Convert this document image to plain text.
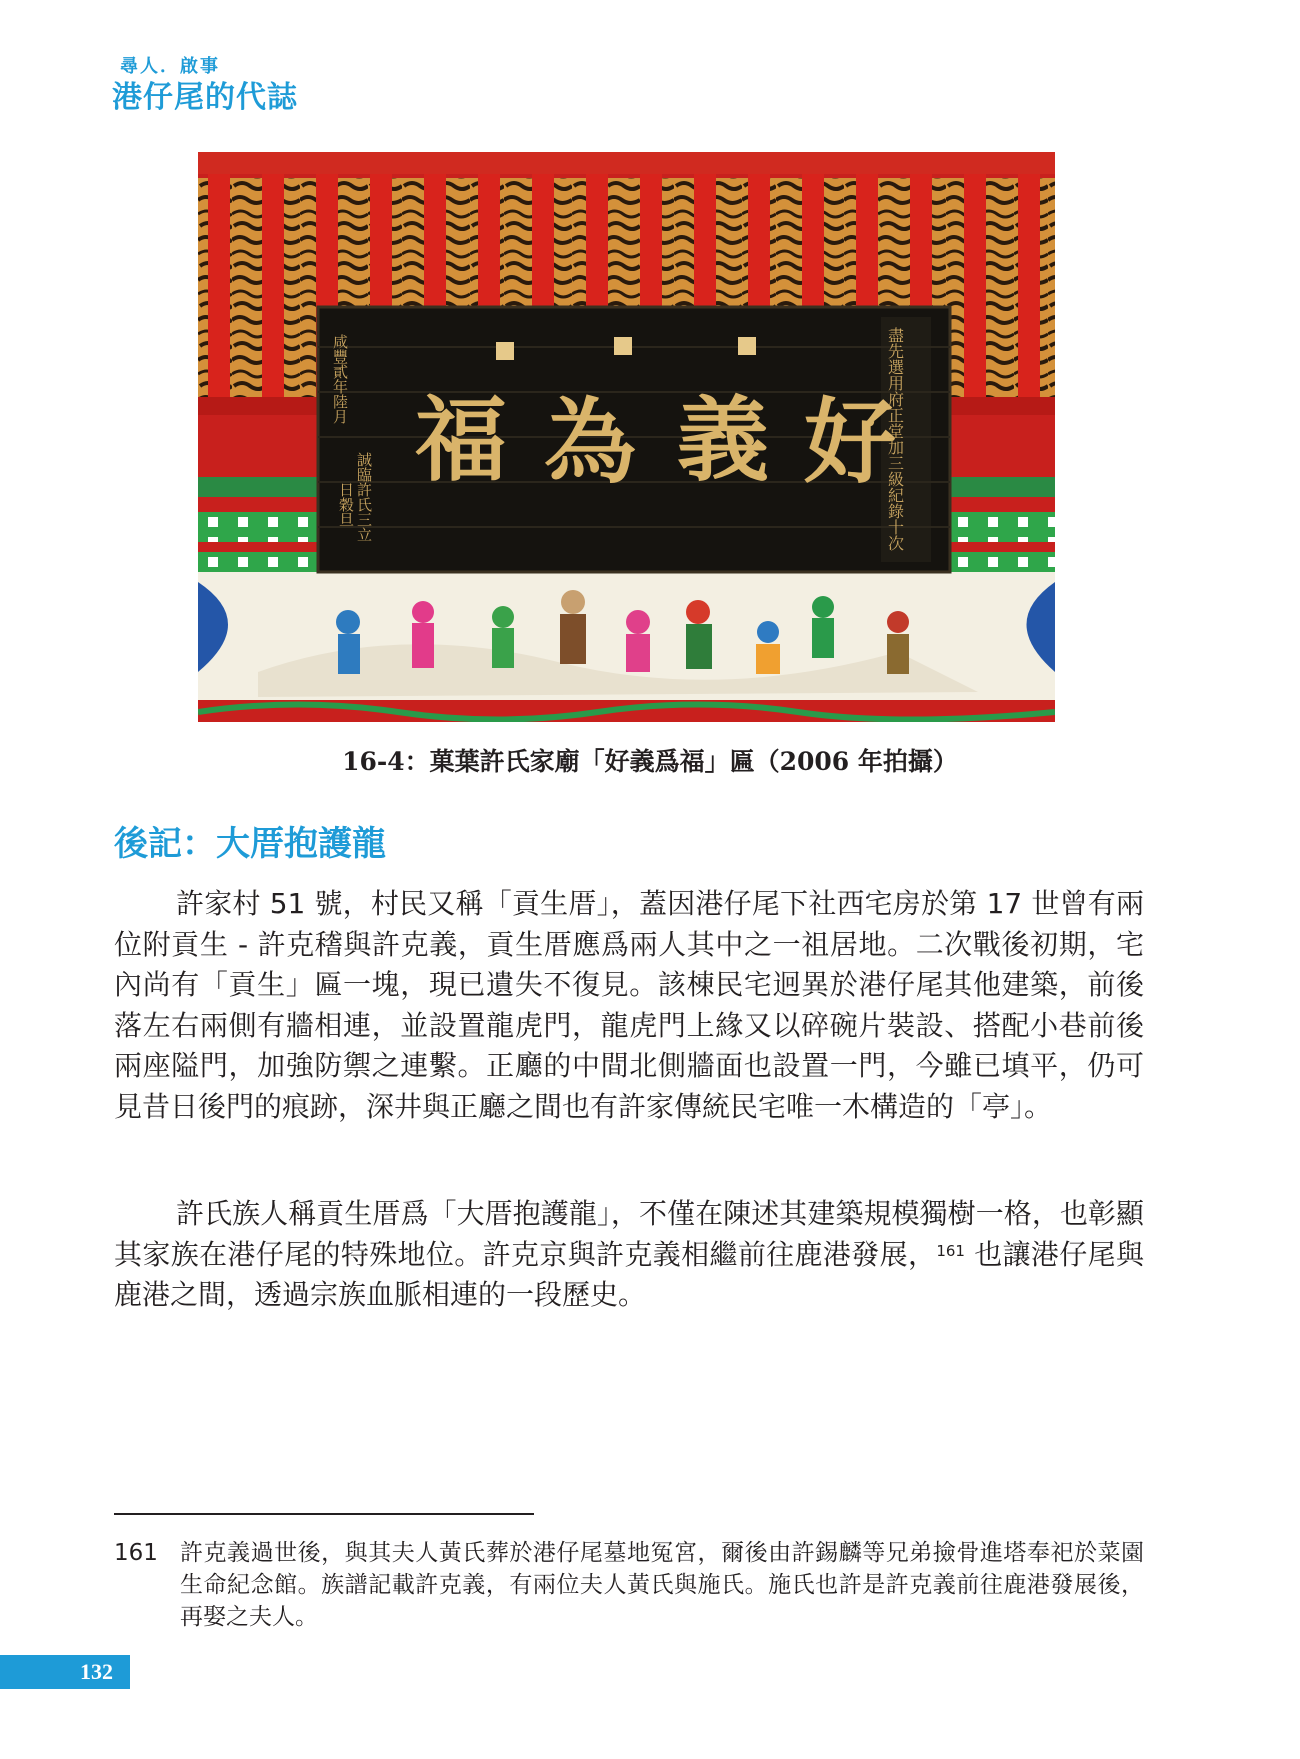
尋人．啟事
港仔尾的代誌
好
義
為
福
咸豐貳年陸月
誠臨許氏三立
日穀旦	盡先選用府正堂加三級紀錄十次
16-4：菓葉許氏家廟「好義爲福」匾（2006 年拍攝）
後記：大厝抱護龍

許家村 51 號，村民又稱「貢生厝」，蓋因港仔尾下社西宅房於第 17 世曾有兩位附貢生 - 許克𥡴與許克義，貢生厝應爲兩人其中之一祖居地。二次戰後初期，宅內尚有「貢生」匾一塊，現已遺失不復見。該棟民宅迥異於港仔尾其他建築，前後落左右兩側有牆相連，並設置龍虎門，龍虎門上緣又以碎碗片裝設、搭配小巷前後兩座隘門，加強防禦之連繫。正廳的中間北側牆面也設置一門，今雖已填平，仍可見昔日後門的痕跡，深井與正廳之間也有許家傳統民宅唯一木構造的「亭」。

許氏族人稱貢生厝爲「大厝抱護龍」，不僅在陳述其建築規模獨樹一格，也彰顯其家族在港仔尾的特殊地位。許克京與許克義相繼前往鹿港發展，$^{161}$ 也讓港仔尾與鹿港之間，透過宗族血脈相連的一段歷史。

161 許克義過世後，與其夫人黃氏葬於港仔尾墓地冤宮，爾後由許錫麟等兄弟撿骨進塔奉祀於菜園生命紀念館。族譜記載許克義，有兩位夫人黃氏與施氏。施氏也許是許克義前往鹿港發展後，再娶之夫人。
132
